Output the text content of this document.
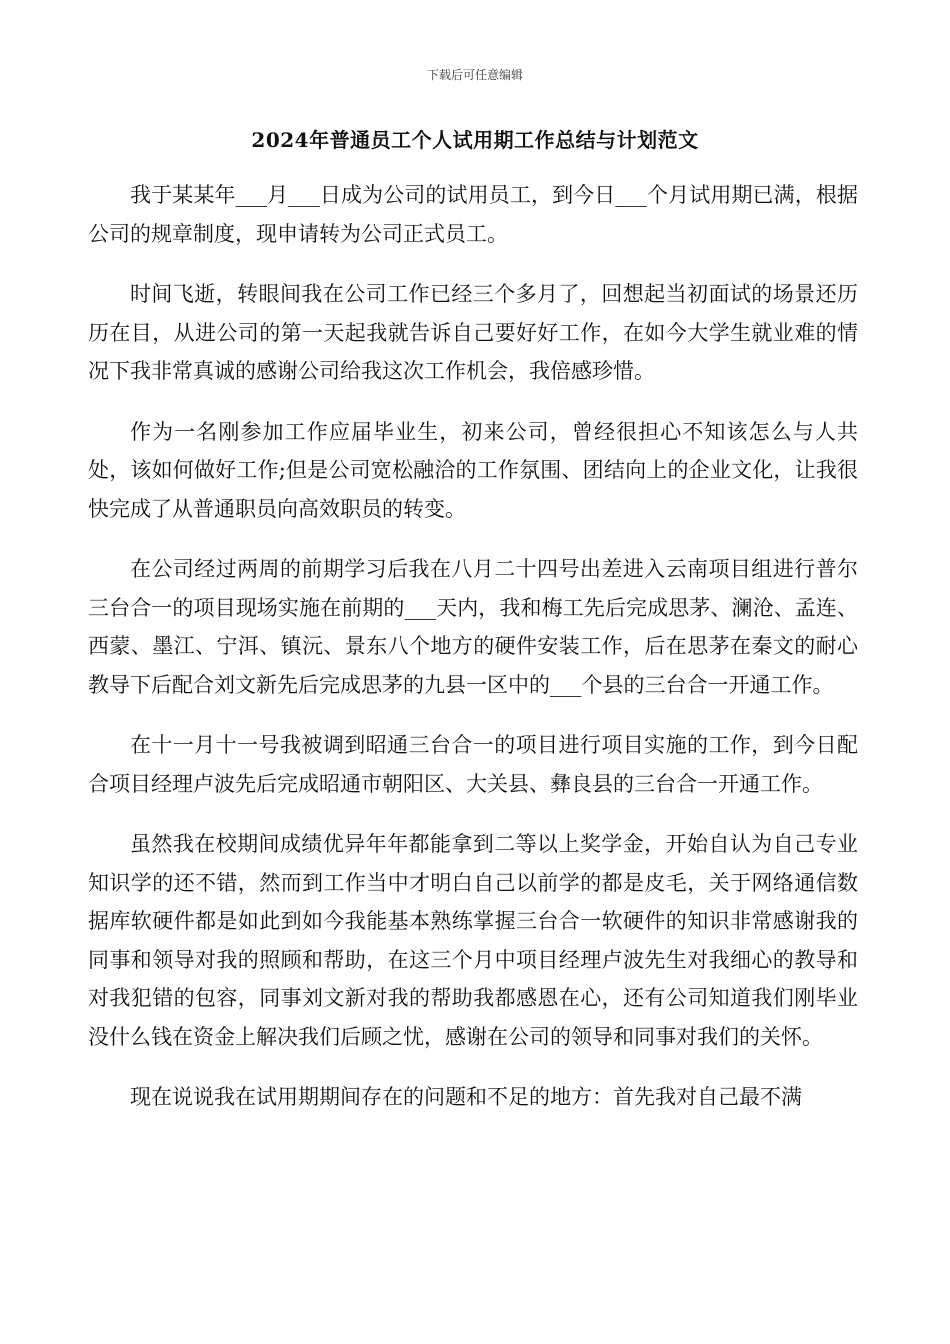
下载后可任意编辑
2024年普通员工个人试用期工作总结与计划范文

我于某某年___月___日成为公司的试用员工，到今日___个月试用期已满，根据公司的规章制度，现申请转为公司正式员工。

时间飞逝，转眼间我在公司工作已经三个多月了，回想起当初面试的场景还历历在目，从进公司的第一天起我就告诉自己要好好工作，在如今大学生就业难的情况下我非常真诚的感谢公司给我这次工作机会，我倍感珍惜。

作为一名刚参加工作应届毕业生，初来公司，曾经很担心不知该怎么与人共处，该如何做好工作;但是公司宽松融洽的工作氛围、团结向上的企业文化，让我很快完成了从普通职员向高效职员的转变。

在公司经过两周的前期学习后我在八月二十四号出差进入云南项目组进行普尔三台合一的项目现场实施在前期的___天内，我和梅工先后完成思茅、澜沧、孟连、西蒙、墨江、宁洱、镇沅、景东八个地方的硬件安装工作，后在思茅在秦文的耐心教导下后配合刘文新先后完成思茅的九县一区中的___个县的三台合一开通工作。

在十一月十一号我被调到昭通三台合一的项目进行项目实施的工作，到今日配合项目经理卢波先后完成昭通市朝阳区、大关县、彝良县的三台合一开通工作。

虽然我在校期间成绩优异年年都能拿到二等以上奖学金，开始自认为自己专业知识学的还不错，然而到工作当中才明白自己以前学的都是皮毛，关于网络通信数据库软硬件都是如此到如今我能基本熟练掌握三台合一软硬件的知识非常感谢我的同事和领导对我的照顾和帮助，在这三个月中项目经理卢波先生对我细心的教导和对我犯错的包容，同事刘文新对我的帮助我都感恩在心，还有公司知道我们刚毕业没什么钱在资金上解决我们后顾之忧，感谢在公司的领导和同事对我们的关怀。

现在说说我在试用期期间存在的问题和不足的地方：首先我对自己最不满
